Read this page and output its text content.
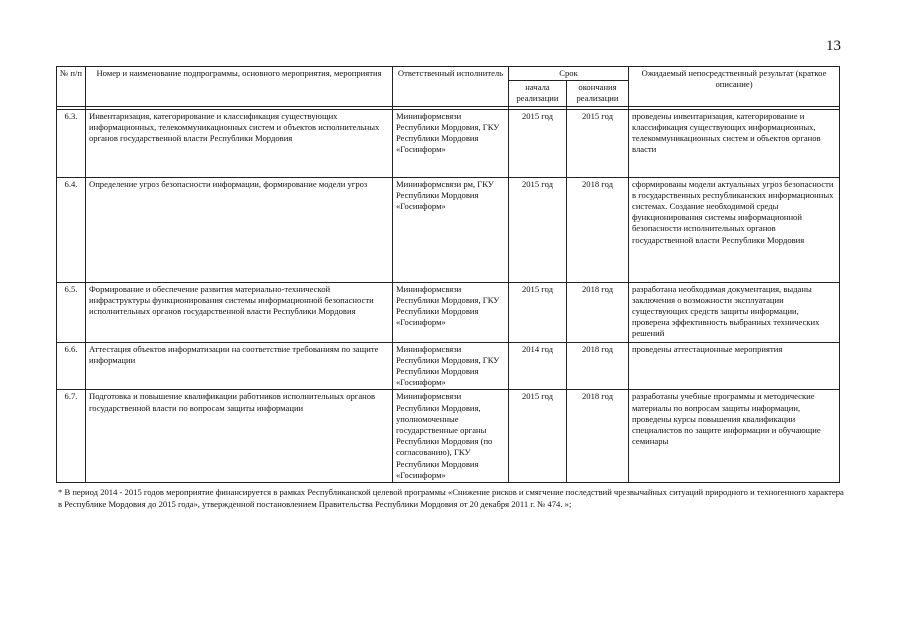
13
№ п/п	Номер и наименование подпрограммы, основного мероприятия, мероприятия	Ответственный исполнитель	Срок		Ожидаемый непосредственный результат (краткое описание)
			начала реализации	окончания реализации	

6.3.	Инвентаризация, категорирование и классификация существующих информационных, телекоммуникационных систем и объектов исполнительных органов государственной власти Республики Мордовия	Мининформсвязи Республики Мордовия, ГКУ Республики Мордовия «Госинформ»	2015 год	2015 год	проведены инвентаризация, категорирование и классификация существующих информационных, телекоммуникационных систем и объектов органов власти
6.4.	Определение угроз безопасности информации, формирование модели угроз	Мининформсвязи рм, ГКУ Республики Мордовия «Госинформ»	2015 год	2018 год	сформированы модели актуальных угроз безопасности в государственных республиканских информационных системах. Создание необходимой среды функционирования системы информационной безопасности исполнительных органов государственной власти Республики Мордовия
6.5.	Формирование и обеспечение развития материально-технической инфраструктуры функционирования системы информационной безопасности исполнительных органов государственной власти Республики Мордовия	Мининформсвязи Республики Мордовия, ГКУ Республики Мордовия «Госинформ»	2015 год	2018 год	разработана необходимая документация, выданы заключения о возможности эксплуатации существующих средств защиты информации, проверена эффективность выбранных технических решений
6.6.	Аттестация объектов информатизации на соответствие требованиям по защите информации	Мининформсвязи Республики Мордовия, ГКУ Республики Мордовия «Госинформ»	2014 год	2018 год	проведены аттестационные мероприятия
6.7.	Подготовка и повышение квалификации работников исполнительных органов государственной власти по вопросам защиты информации	Мининформсвязи Республики Мордовия, уполномоченные государственные органы Республики Мордовия (по согласованию), ГКУ Республики Мордовия «Госинформ»	2015 год	2018 год	разработаны учебные программы и методические материалы по вопросам защиты информации, проведены курсы повышения квалификации специалистов по защите информации и обучающие семинары
* В период 2014 - 2015 годов мероприятие финансируется в рамках Республиканской целевой программы «Снижение рисков и смягчение последствий чрезвычайных ситуаций природного и техногенного характера в Республике Мордовия до 2015 года», утвержденной постановлением Правительства Республики Мордовия от 20 декабря 2011 г. № 474. »;
